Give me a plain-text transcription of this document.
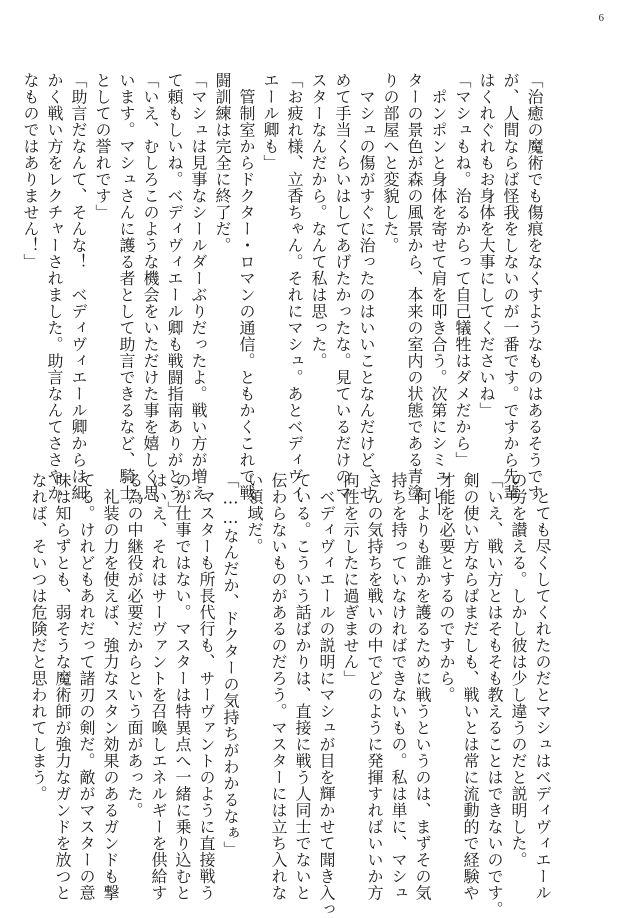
6
「治癒の魔術でも傷痕をなくすようなものはあるそうです
が、人間ならば怪我をしないのが一番です。ですから先輩
はくれぐれもお身体を大事にしてくださいね」
「マシュもね。治るからって自己犠牲はダメだから」
　ポンポンと身体を寄せて肩を叩き合う。次第にシミュレー
ターの景色が森の風景から、本来の室内の状態である青塗
りの部屋へと変貌した。
　マシュの傷がすぐに治ったのはいいことなんだけど、せ
めて手当くらいはしてあげたかったな。見ているだけのマ
スターなんだから。なんて私は思った。
「お疲れ様、立香ちゃん。それにマシュ。あとベディヴィ
エール卿も」
　管制室からドクター・ロマンの通信。ともかくこれで戦
闘訓練は完全に終了だ。
「マシュは見事なシールダーぶりだったよ。戦い方が増え
て頼もしいね。ベディヴィエール卿も戦闘指南ありがとう」
「いえ、むしろこのような機会をいただけた事を嬉しく思
います。マシュさんに護る者として助言できるなど、騎士
としての誉れです」
「助言だなんて、そんな！　ベディヴィエール卿からは細
かく戦い方をレクチャーされました。助言なんてささやか
なものではありません！」
　とても尽くしてくれたのだとマシュはベディヴィエール
の労を讃える。しかし彼は少し違うのだと説明した。
「いえ、戦い方とはそもそも教えることはできないのです。
剣の使い方ならばまだしも、戦いとは常に流動的で経験や
才能を必要とするのですから。
　何よりも誰かを護るために戦うというのは、まずその気
持ちを持っていなければできないもの。私は単に、マシュ
さんの気持ちを戦いの中でどのように発揮すればいいか方
向性を示したに過ぎません」
　ベディヴィエールの説明にマシュが目を輝かせて聞き入っ
ている。こういう話ばかりは、直接に戦う人同士でないと
伝わらないものがあるのだろう。マスターには立ち入れな
い領域だ。
「……なんだか、ドクターの気持ちがわかるなぁ」
　マスターも所長代行も、サーヴァントのように直接戦う
のが仕事ではない。マスターは特異点へ一緒に乗り込むと
はいえ、それはサーヴァントを召喚しエネルギーを供給す
る為の中継役が必要だからという面があった。
　礼装の力を使えば、強力なスタン効果のあるガンドも撃
てる。けれどもあれだって諸刃の剣だ。敵がマスターの意
味は知らずとも、弱そうな魔術師が強力なガンドを放つと
なれば、そいつは危険だと思われてしまう。
